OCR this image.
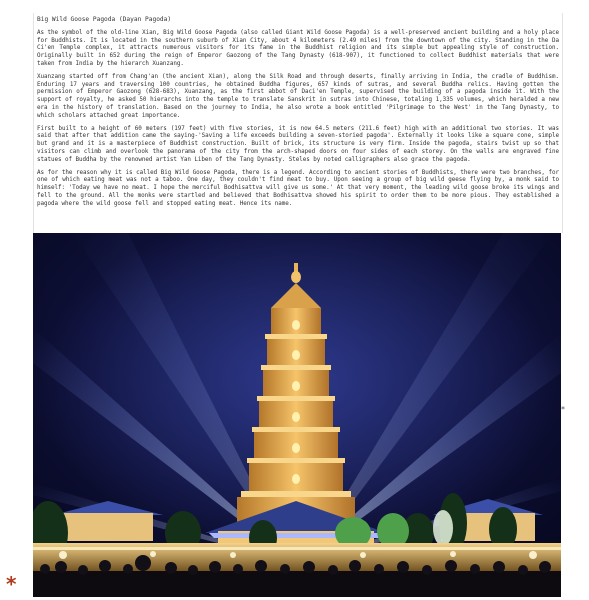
Big Wild Goose Pagoda (Dayan Pagoda)

As the symbol of the old-line Xian, Big Wild Goose Pagoda (also called Giant Wild Goose Pagoda) is a well-preserved ancient building and a holy place for Buddhists. It is located in the southern suburb of Xian City, about 4 kilometers (2.49 miles) from the downtown of the city. Standing in the Da Ci'en Temple complex, it attracts numerous visitors for its fame in the Buddhist religion and its simple but appealing style of construction. Originally built in 652 during the reign of Emperor Gaozong of the Tang Dynasty (618-907), it functioned to collect Buddhist materials that were taken from India by the hierarch Xuanzang.

Xuanzang started off from Chang'an (the ancient Xian), along the Silk Road and through deserts, finally arriving in India, the cradle of Buddhism. Enduring 17 years and traversing 100 countries, he obtained Buddha figures, 657 kinds of sutras, and several Buddha relics. Having gotten the permission of Emperor Gaozong (628-683), Xuanzang, as the first abbot of Daci'en Temple, supervised the building of a pagoda inside it. With the support of royalty, he asked 50 hierarchs into the temple to translate Sanskrit in sutras into Chinese, totaling 1,335 volumes, which heralded a new era in the history of translation. Based on the journey to India, he also wrote a book entitled 'Pilgrimage to the West' in the Tang Dynasty, to which scholars attached great importance.

First built to a height of 60 meters (197 feet) with five stories, it is now 64.5 meters (211.6 feet) high with an additional two stories. It was said that after that addition came the saying-'Saving a life exceeds building a seven-storied pagoda'. Externally it looks like a square cone, simple but grand and it is a masterpiece of Buddhist construction. Built of brick, its structure is very firm. Inside the pagoda, stairs twist up so that visitors can climb and overlook the panorama of the city from the arch-shaped doors on four sides of each storey. On the walls are engraved fine statues of Buddha by the renowned artist Yan Liben of the Tang Dynasty. Steles by noted calligraphers also grace the pagoda.

As for the reason why it is called Big Wild Goose Pagoda, there is a legend. According to ancient stories of Buddhists, there were two branches, for one of which eating meat was not a taboo. One day, they couldn't find meat to buy. Upon seeing a group of big wild geese flying by, a monk said to himself: 'Today we have no meat. I hope the merciful Bodhisattva will give us some.' At that very moment, the leading wild goose broke its wings and fell to the ground. All the monks were startled and believed that Bodhisattva showed his spirit to order them to be more pious. They established a pagoda where the wild goose fell and stopped eating meat. Hence its name.

*
*
